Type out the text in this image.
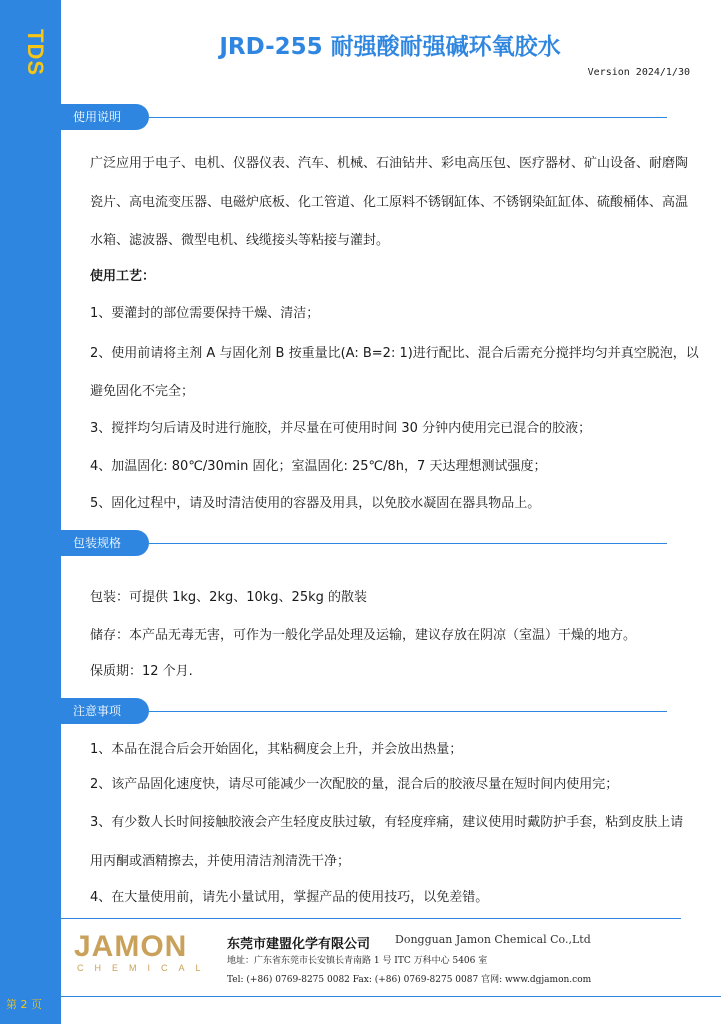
TDS
第 2 页
JRD-255 耐强酸耐强碱环氧胶水
Version 2024/1/30
使用说明
广泛应用于电子、电机、仪器仪表、汽车、机械、石油钻井、彩电高压包、医疗器材、矿山设备、耐磨陶
瓷片、高电流变压器、电磁炉底板、化工管道、化工原料不锈钢缸体、不锈钢染缸缸体、硫酸桶体、高温
水箱、滤波器、微型电机、线缆接头等粘接与灌封。
使用工艺：
1、要灌封的部位需要保持干燥、清洁；
2、使用前请将主剂 A 与固化剂 B 按重量比(A: B=2: 1)进行配比、混合后需充分搅拌均匀并真空脱泡，以
避免固化不完全；
3、搅拌均匀后请及时进行施胶，并尽量在可使用时间 30 分钟内使用完已混合的胶液；
4、加温固化: 80℃/30min 固化；室温固化: 25℃/8h，7 天达理想测试强度；
5、固化过程中，请及时清洁使用的容器及用具，以免胶水凝固在器具物品上。
包装规格
包装：可提供 1kg、2kg、10kg、25kg 的散装
储存：本产品无毒无害，可作为一般化学品处理及运输，建议存放在阴凉（室温）干燥的地方。
保质期：12 个月.
注意事项
1、本品在混合后会开始固化，其粘稠度会上升，并会放出热量；
2、该产品固化速度快，请尽可能减少一次配胶的量，混合后的胶液尽量在短时间内使用完；
3、有少数人长时间接触胶液会产生轻度皮肤过敏，有轻度痒痛，建议使用时戴防护手套，粘到皮肤上请
用丙酮或酒精擦去，并使用清洁剂清洗干净；
4、在大量使用前，请先小量试用，掌握产品的使用技巧，以免差错。
JAMON
CHEMICAL
东莞市建盟化学有限公司 Dongguan Jamon Chemical Co.,Ltd
地址：广东省东莞市长安镇长青南路 1 号 ITC 万科中心 5406 室
Tel: (+86) 0769-8275 0082 Fax: (+86) 0769-8275 0087 官网: www.dgjamon.com
